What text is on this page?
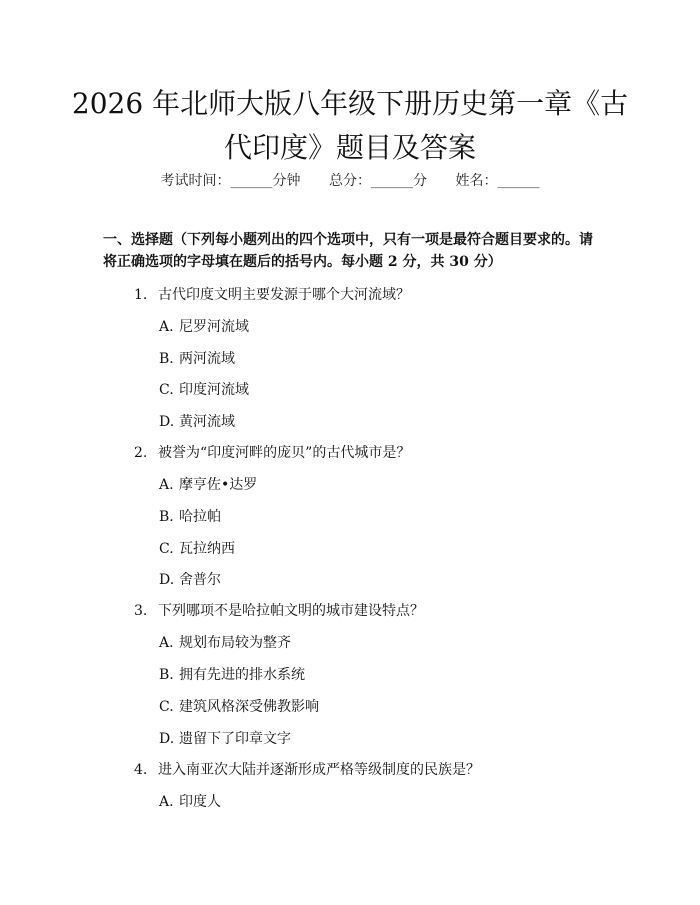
2026 年北师大版八年级下册历史第一章《古
代印度》题目及答案
考试时间：______分钟 总分：______分 姓名：______
一、选择题（下列每小题列出的四个选项中，只有一项是最符合题目要求的。请将正确选项的字母填在题后的括号内。每小题 2 分，共 30 分）
1. 古代印度文明主要发源于哪个大河流域？
A. 尼罗河流域
B. 两河流域
C. 印度河流域
D. 黄河流域
2. 被誉为“印度河畔的庞贝”的古代城市是？
A. 摩亨佐•达罗
B. 哈拉帕
C. 瓦拉纳西
D. 舍普尔
3. 下列哪项不是哈拉帕文明的城市建设特点？
A. 规划布局较为整齐
B. 拥有先进的排水系统
C. 建筑风格深受佛教影响
D. 遗留下了印章文字
4. 进入南亚次大陆并逐渐形成严格等级制度的民族是？
A. 印度人
